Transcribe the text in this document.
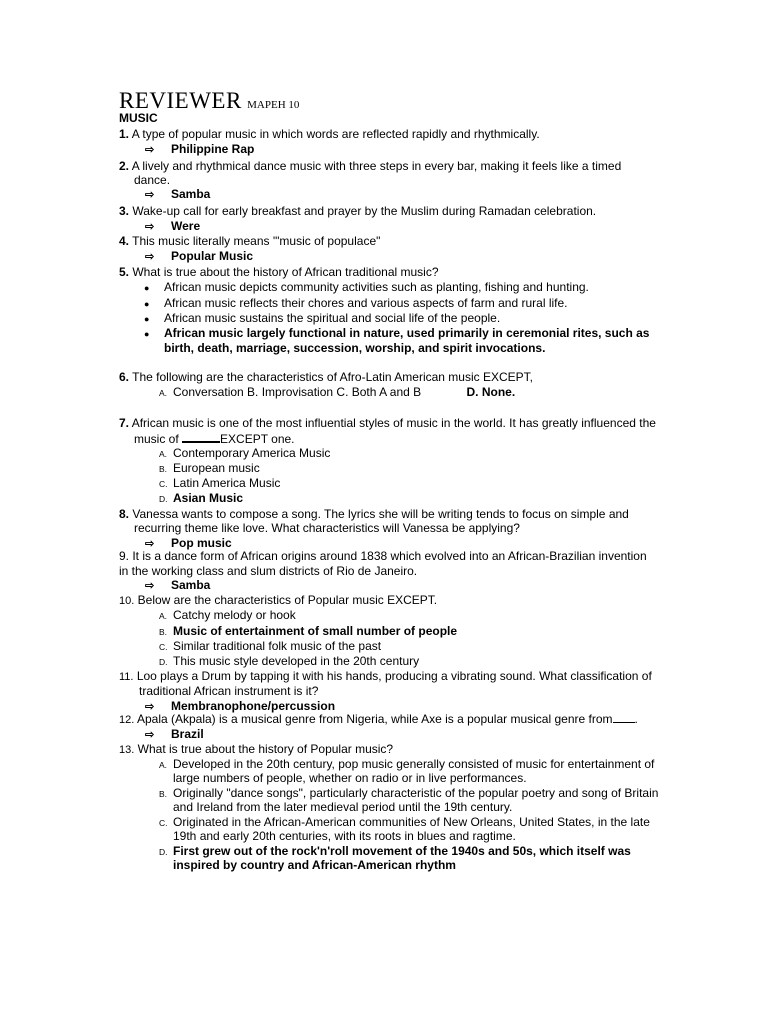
REVIEWER MAPEH 10
MUSIC
1. A type of popular music in which words are reflected rapidly and rhythmically.
⇨ Philippine Rap
2. A lively and rhythmical dance music with three steps in every bar, making it feels like a timed
dance.
⇨ Samba
3. Wake-up call for early breakfast and prayer by the Muslim during Ramadan celebration.
⇨ Were
4. This music literally means '"music of populace"
⇨ Popular Music
5. What is true about the history of African traditional music?
● African music depicts community activities such as planting, fishing and hunting.
● African music reflects their chores and various aspects of farm and rural life.
● African music sustains the spiritual and social life of the people.
● African music largely functional in nature, used primarily in ceremonial rites, such as
birth, death, marriage, succession, worship, and spirit invocations.
6. The following are the characteristics of Afro-Latin American music EXCEPT,
A. Conversation B. Improvisation C. Both A and B	D. None.
7. African music is one of the most influential styles of music in the world. It has greatly influenced the
music of	EXCEPT one.
A. Contemporary America Music
B. European music
C. Latin America Music
D. Asian Music
8. Vanessa wants to compose a song. The lyrics she will be writing tends to focus on simple and
recurring theme like love. What characteristics will Vanessa be applying?
⇨ Pop music
9. It is a dance form of African origins around 1838 which evolved into an African-Brazilian invention
in the working class and slum districts of Rio de Janeiro.
⇨ Samba
10. Below are the characteristics of Popular music EXCEPT.
A. Catchy melody or hook
B. Music of entertainment of small number of people
C. Similar traditional folk music of the past
D. This music style developed in the 20th century
11. Loo plays a Drum by tapping it with his hands, producing a vibrating sound. What classification of
traditional African instrument is it?
⇨ Membranophone/percussion
12. Apala (Akpala) is a musical genre from Nigeria, while Axe is a popular musical genre from .
⇨ Brazil
13. What is true about the history of Popular music?
A. Developed in the 20th century, pop music generally consisted of music for entertainment of
large numbers of people, whether on radio or in live performances.
B. Originally "dance songs", particularly characteristic of the popular poetry and song of Britain
and Ireland from the later medieval period until the 19th century.
C. Originated in the African-American communities of New Orleans, United States, in the late
19th and early 20th centuries, with its roots in blues and ragtime.
D. First grew out of the rock'n'roll movement of the 1940s and 50s, which itself was
inspired by country and African-American rhythm
